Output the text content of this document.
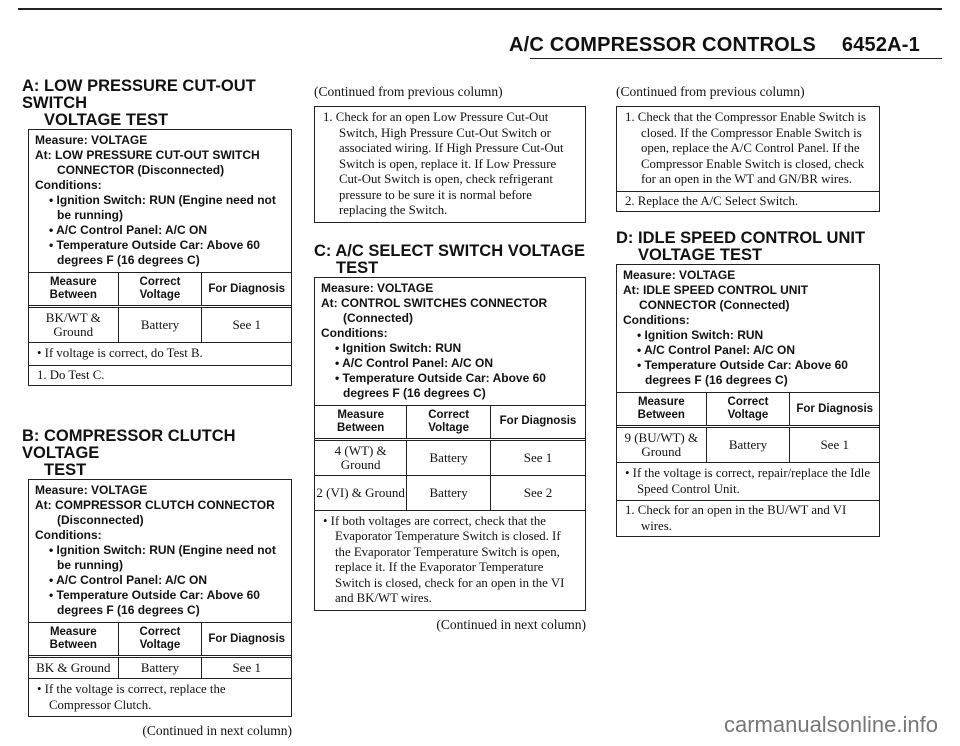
A/C COMPRESSOR CONTROLS 6452A-1
A: LOW PRESSURE CUT-OUT SWITCH
VOLTAGE TEST
Measure: VOLTAGE
At: LOW PRESSURE CUT-OUT SWITCH
CONNECTOR (Disconnected)
Conditions:
• Ignition Switch: RUN (Engine need not
be running)
• A/C Control Panel: A/C ON
• Temperature Outside Car: Above 60
degrees F (16 degrees C)
Measure Between	Correct Voltage	For Diagnosis
BK/WT & Ground	Battery	See 1
• If voltage is correct, do Test B.
1. Do Test C.
B: COMPRESSOR CLUTCH VOLTAGE
TEST
Measure: VOLTAGE
At: COMPRESSOR CLUTCH CONNECTOR
(Disconnected)
Conditions:
• Ignition Switch: RUN (Engine need not
be running)
• A/C Control Panel: A/C ON
• Temperature Outside Car: Above 60
degrees F (16 degrees C)
Measure Between	Correct Voltage	For Diagnosis
BK & Ground	Battery	See 1
• If the voltage is correct, replace the Compressor Clutch.
(Continued in next column)
(Continued from previous column)
1. Check for an open Low Pressure Cut-Out Switch, High Pressure Cut-Out Switch or associated wiring. If High Pressure Cut-Out Switch is open, replace it. If Low Pressure Cut-Out Switch is open, check refrigerant pressure to be sure it is normal before replacing the Switch.
C: A/C SELECT SWITCH VOLTAGE
TEST
Measure: VOLTAGE
At: CONTROL SWITCHES CONNECTOR
(Connected)
Conditions:
• Ignition Switch: RUN
• A/C Control Panel: A/C ON
• Temperature Outside Car: Above 60
degrees F (16 degrees C)
Measure Between	Correct Voltage	For Diagnosis
4 (WT) & Ground	Battery	See 1
2 (VI) & Ground	Battery	See 2
• If both voltages are correct, check that the Evaporator Temperature Switch is closed. If the Evaporator Temperature Switch is open, replace it. If the Evaporator Temperature Switch is closed, check for an open in the VI and BK/WT wires.
(Continued in next column)
(Continued from previous column)
1. Check that the Compressor Enable Switch is closed. If the Compressor Enable Switch is open, replace the A/C Control Panel. If the Compressor Enable Switch is closed, check for an open in the WT and GN/BR wires.
2. Replace the A/C Select Switch.
D: IDLE SPEED CONTROL UNIT
VOLTAGE TEST
Measure: VOLTAGE
At: IDLE SPEED CONTROL UNIT
CONNECTOR (Connected)
Conditions:
• Ignition Switch: RUN
• A/C Control Panel: A/C ON
• Temperature Outside Car: Above 60
degrees F (16 degrees C)
Measure Between	Correct Voltage	For Diagnosis
9 (BU/WT) & Ground	Battery	See 1
• If the voltage is correct, repair/replace the Idle Speed Control Unit.
1. Check for an open in the BU/WT and VI wires.
carmanualsonline.info
